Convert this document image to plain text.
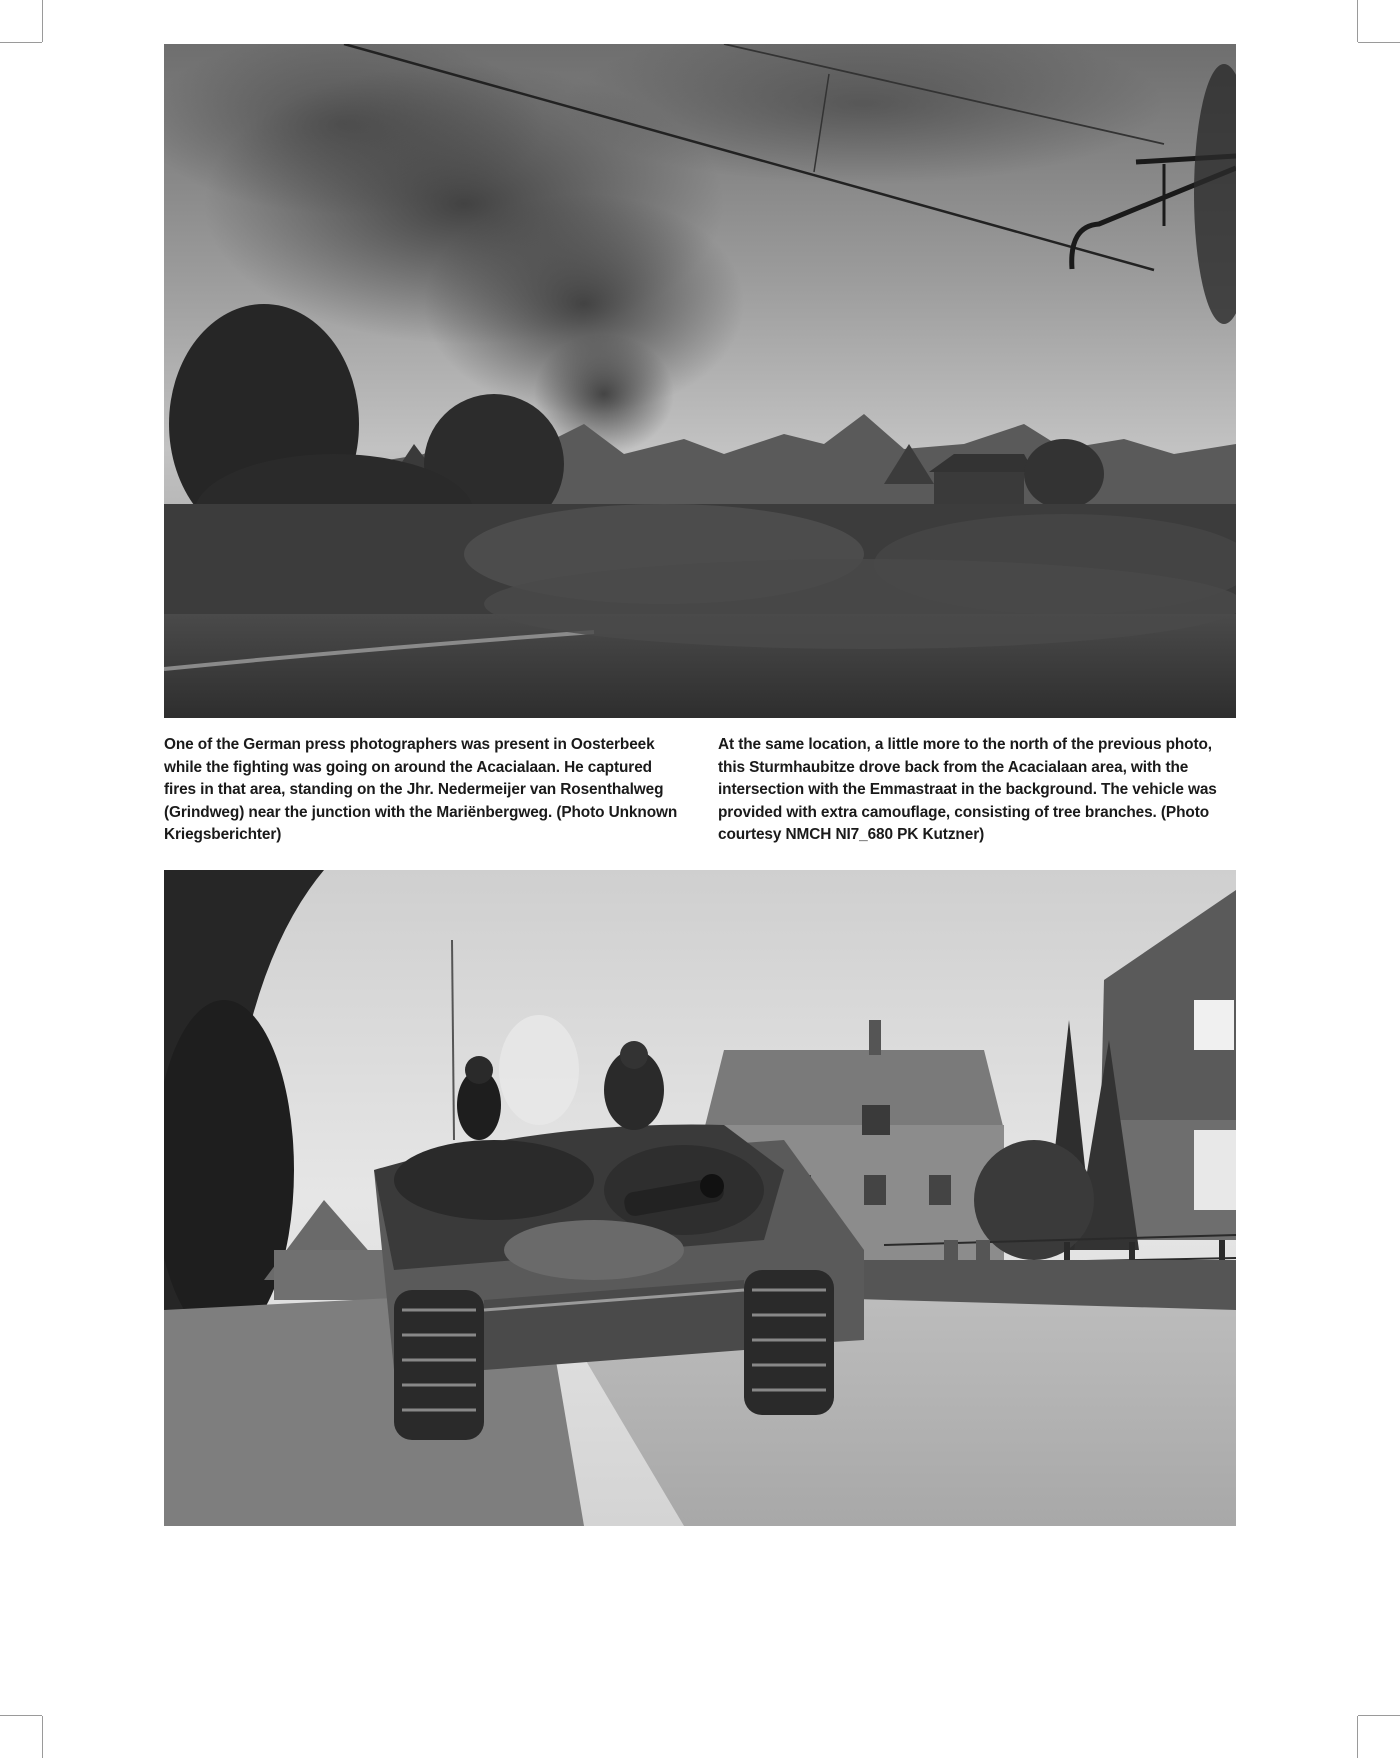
One of the German press photographers was present in Oosterbeek while the fighting was going on around the Acacialaan. He captured fires in that area, standing on the Jhr. Nedermeijer van Rosenthalweg (Grindweg) near the junction with the Mariënbergweg. (Photo Unknown Kriegsberichter)
At the same location, a little more to the north of the previous photo, this Sturmhaubitze drove back from the Acacialaan area, with the intersection with the Emmastraat in the background. The vehicle was provided with extra camouflage, consisting of tree branches. (Photo courtesy NMCH NI7_680 PK Kutzner)
